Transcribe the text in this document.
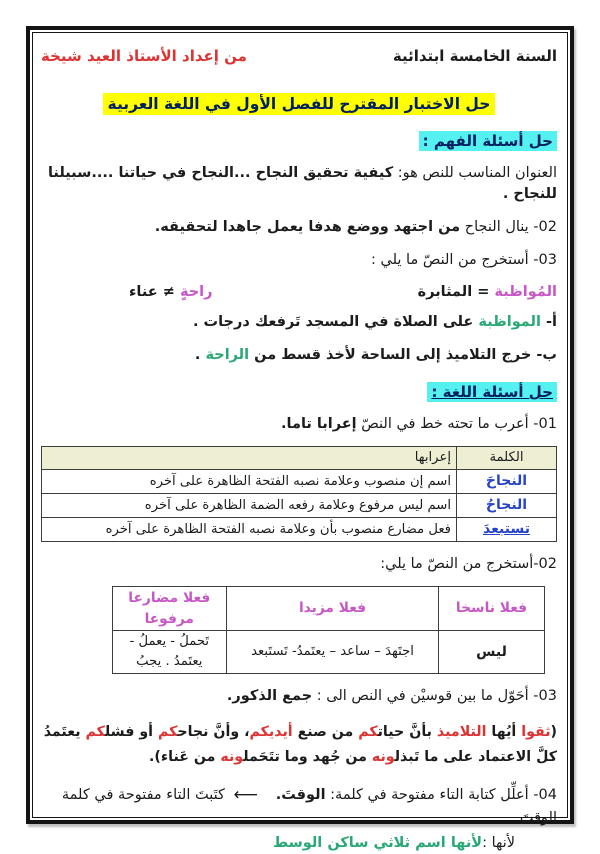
السنة الخامسة ابتدائية
من إعداد الأستاذ العيد شيخة
حل الاختبار المقترح للفصل الأول في اللغة العربية
حل أسئلة الفهم :

العنوان المناسب للنص هو: كيفية تحقيق النجاح ...النجاح في حياتنا ....سبيلنا للنجاح .

02- ينال النجاح من اجتهد ووضع هدفا يعمل جاهدا لتحقيقه.

03- أستخرج من النصّ ما يلي :

المُواظبة = المثابرة
راحةٍ ≠ عناء

أ- المواظبة على الصلاة في المسجد تَرفعك درجات .

ب- خرج التلاميذ إلى الساحة لأخذ قسط من الراحة .

حل أسئلة اللغة :

01- أعرب ما تحته خط في النصّ إعرابا تاما.

الكلمة	إعرابها
النجاحَ	اسم إن منصوب وعلامة نصبه الفتحة الظاهرة على آخره
النجاحُ	اسم ليس مرفوع وعلامة رفعه الضمة الظاهرة على آخره
تستبعدَ	فعل مضارع منصوب بأن وعلامة نصبه الفتحة الظاهرة على آخره

02-أستخرج من النصّ ما يلي:

فعلا ناسخا	فعلا مزيدا	فعلا مضارعا مرفوعا
ليس	اجتَهدَ – ساعد – يعتَمدُ- تَستَبعد	تَحملُ - يعملُ - يعتَمدُ . يجبُ

03- أحَوّل ما بين قوسيْن في النص الى : جمع الذكور.

(ثقوا أيُها التلاميذ بأنَّ حيات‍‍كم من صنع أيديكم، وأنَّ نجاح‍‍كم أو فشل‍‍كم يعتَمدُ كلَّ الاعتماد على ما تَبذل‍‍ونه من جُهد وما تتَحَمل‍‍ونه من عَناء).

04- أعلِّل كتابة التاء مفتوحة في كلمة: الوقتَ.   ⟵ كتَبتَ التاء مفتوحة في كلمة الوقتَ

لأنها :لأنها اسم ثلاثي ساكن الوسط
